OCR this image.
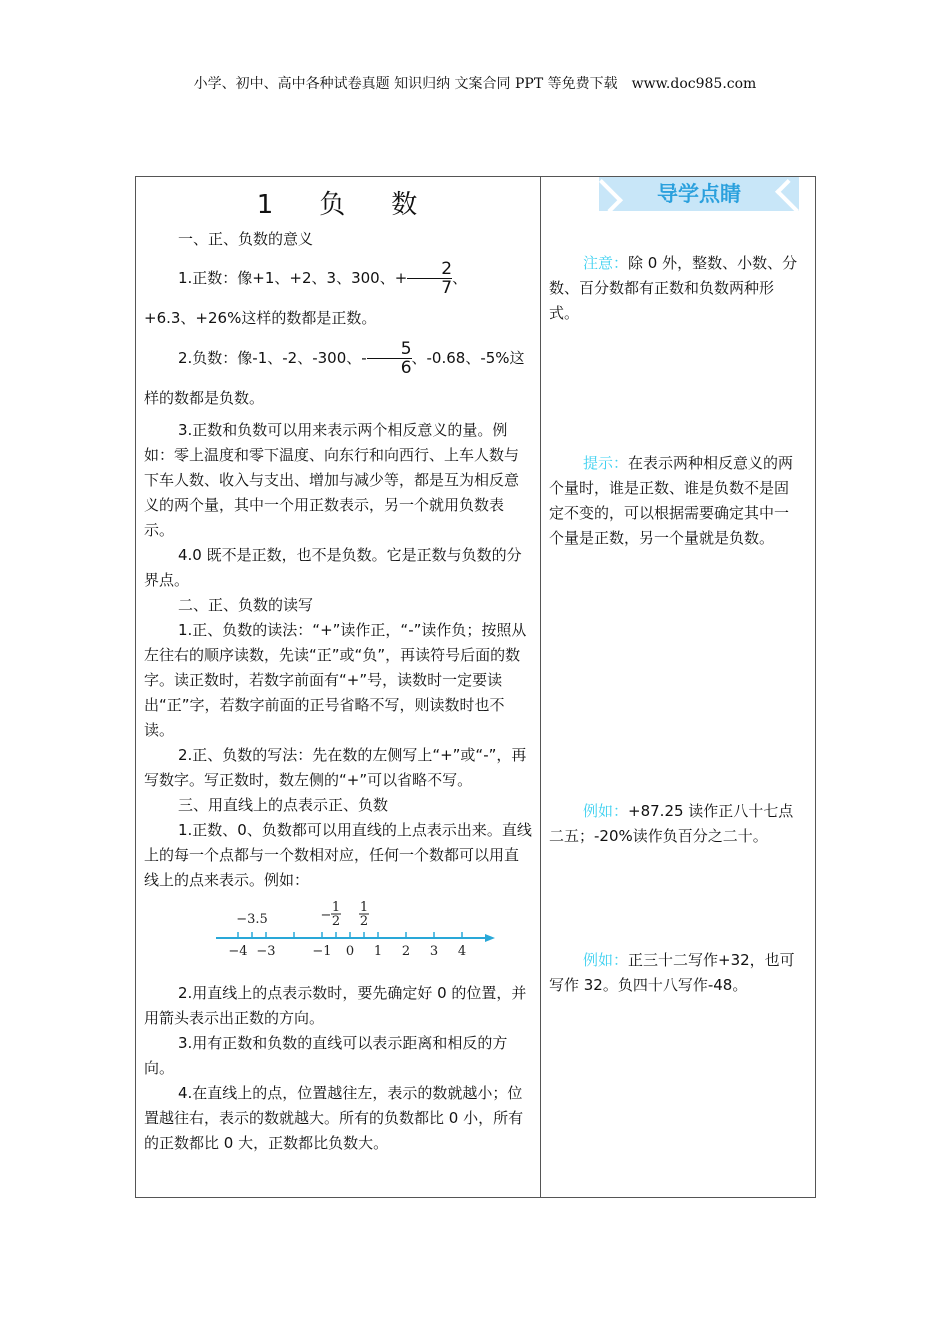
小学、初中、高中各种试卷真题 知识归纳 文案合同 PPT 等免费下载　www.doc985.com
1 负 数

一、正、负数的意义

1.正数：像+1、+2、3、300、+ $\frac{2}{7}$ 、+6.3、+26%这样的数都是正数。

2.负数：像-1、-2、-300、- $\frac{5}{6}$ 、-0.68、-5%这样的数都是负数。

3.正数和负数可以用来表示两个相反意义的量。例如：零上温度和零下温度、向东行和向西行、上车人数与下车人数、收入与支出、增加与减少等，都是互为相反意义的两个量，其中一个用正数表示，另一个就用负数表示。

4.0 既不是正数，也不是负数。它是正数与负数的分界点。

二、正、负数的读写

1.正、负数的读法：“+”读作正，“-”读作负；按照从左往右的顺序读数，先读“正”或“负”，再读符号后面的数字。读正数时，若数字前面有“+”号，读数时一定要读出“正”字，若数字前面的正号省略不写，则读数时也不读。

2.正、负数的写法：先在数的左侧写上“+”或“-”，再写数字。写正数时，数左侧的“+”可以省略不写。

三、用直线上的点表示正、负数

1.正数、0、负数都可以用直线的上点表示出来。直线上的每一个点都与一个数相对应，任何一个数都可以用直线上的点来表示。例如：

−4 −3	−1 0 1 2 3 4
−3.5	−
1
2
1
2

2.用直线上的点表示数时，要先确定好 0 的位置，并用箭头表示出正数的方向。

3.用有正数和负数的直线可以表示距离和相反的方向。

4.在直线上的点，位置越往左，表示的数就越小；位置越往右，表示的数就越大。所有的负数都比 0 小，所有的正数都比 0 大，正数都比负数大。

导学点睛

注意：除 0 外，整数、小数、分数、百分数都有正数和负数两种形式。

提示：在表示两种相反意义的两个量时，谁是正数、谁是负数不是固定不变的，可以根据需要确定其中一个量是正数，另一个量就是负数。

例如：+87.25 读作正八十七点二五；-20%读作负百分之二十。

例如：正三十二写作+32，也可写作 32。负四十八写作-48。
